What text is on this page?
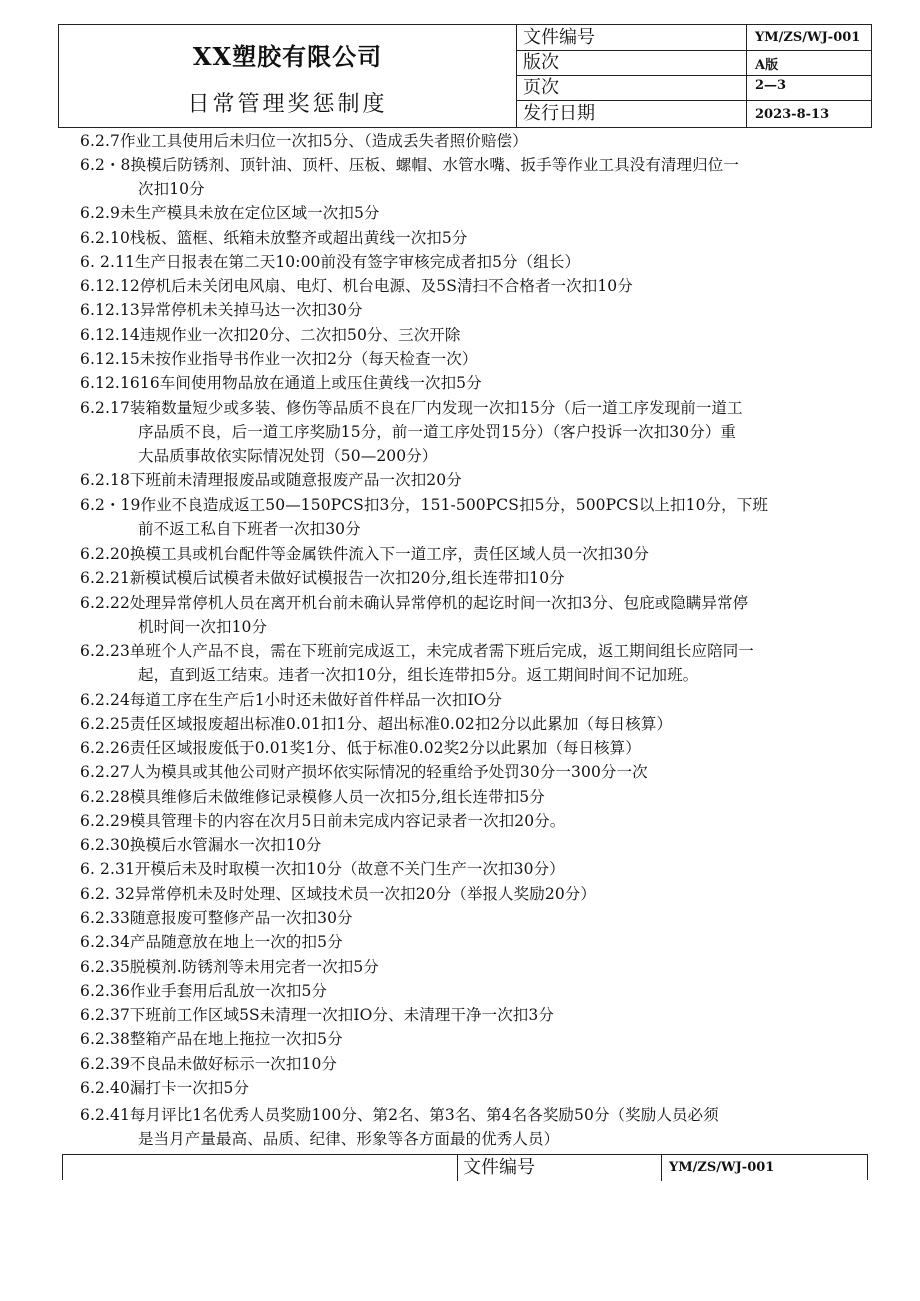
XX塑胶有限公司
日常管理奖惩制度
文件编号	YM/ZS/WJ-001
版次	A版
页次	2—3
发行日期	2023-8-13
6.2.7作业工具使用后未归位一次扣5分、（造成丢失者照价赔偿）
6.2・8换模后防锈剂、顶针油、顶杆、压板、螺帽、水管水嘴、扳手等作业工具没有清理归位一
次扣10分
6.2.9未生产模具未放在定位区域一次扣5分
6.2.10栈板、篮框、纸箱未放整齐或超出黄线一次扣5分
6. 2.11生产日报表在第二天10:00前没有签字审核完成者扣5分（组长）
6.12.12停机后未关闭电风扇、电灯、机台电源、及5S清扫不合格者一次扣10分
6.12.13异常停机未关掉马达一次扣30分
6.12.14违规作业一次扣20分、二次扣50分、三次开除
6.12.15未按作业指导书作业一次扣2分（每天检查一次）
6.12.1616车间使用物品放在通道上或压住黄线一次扣5分
6.2.17装箱数量短少或多装、修伤等品质不良在厂内发现一次扣15分（后一道工序发现前一道工
序品质不良，后一道工序奖励15分，前一道工序处罚15分）（客户投诉一次扣30分）重
大品质事故依实际情况处罚（50—200分）
6.2.18下班前未清理报废品或随意报废产品一次扣20分
6.2・19作业不良造成返工50—150PCS扣3分，151-500PCS扣5分，500PCS以上扣10分，下班
前不返工私自下班者一次扣30分
6.2.20换模工具或机台配件等金属铁件流入下一道工序，责任区域人员一次扣30分
6.2.21新模试模后试模者未做好试模报告一次扣20分,组长连带扣10分
6.2.22处理异常停机人员在离开机台前未确认异常停机的起讫时间一次扣3分、包庇或隐瞒异常停
机时间一次扣10分
6.2.23单班个人产品不良，需在下班前完成返工，未完成者需下班后完成，返工期间组长应陪同一
起，直到返工结束。违者一次扣10分，组长连带扣5分。返工期间时间不记加班。
6.2.24每道工序在生产后1小时还未做好首件样品一次扣IO分
6.2.25责任区域报废超出标准0.01扣1分、超出标准0.02扣2分以此累加（每日核算）
6.2.26责任区域报废低于0.01奖1分、低于标准0.02奖2分以此累加（每日核算）
6.2.27人为模具或其他公司财产损坏依实际情况的轻重给予处罚30分一300分一次
6.2.28模具维修后未做维修记录模修人员一次扣5分,组长连带扣5分
6.2.29模具管理卡的内容在次月5日前未完成内容记录者一次扣20分。
6.2.30换模后水管漏水一次扣10分
6. 2.31开模后未及时取模一次扣10分（故意不关门生产一次扣30分）
6.2. 32异常停机未及时处理、区域技术员一次扣20分（举报人奖励20分）
6.2.33随意报废可整修产品一次扣30分
6.2.34产品随意放在地上一次的扣5分
6.2.35脱模剂.防锈剂等未用完者一次扣5分
6.2.36作业手套用后乱放一次扣5分
6.2.37下班前工作区域5S未清理一次扣IO分、未清理干净一次扣3分
6.2.38整箱产品在地上拖拉一次扣5分
6.2.39不良品未做好标示一次扣10分
6.2.40漏打卡一次扣5分
6.2.41每月评比1名优秀人员奖励100分、第2名、第3名、第4名各奖励50分（奖励人员必须
是当月产量最高、品质、纪律、形象等各方面最的优秀人员）
文件编号	YM/ZS/WJ-001
